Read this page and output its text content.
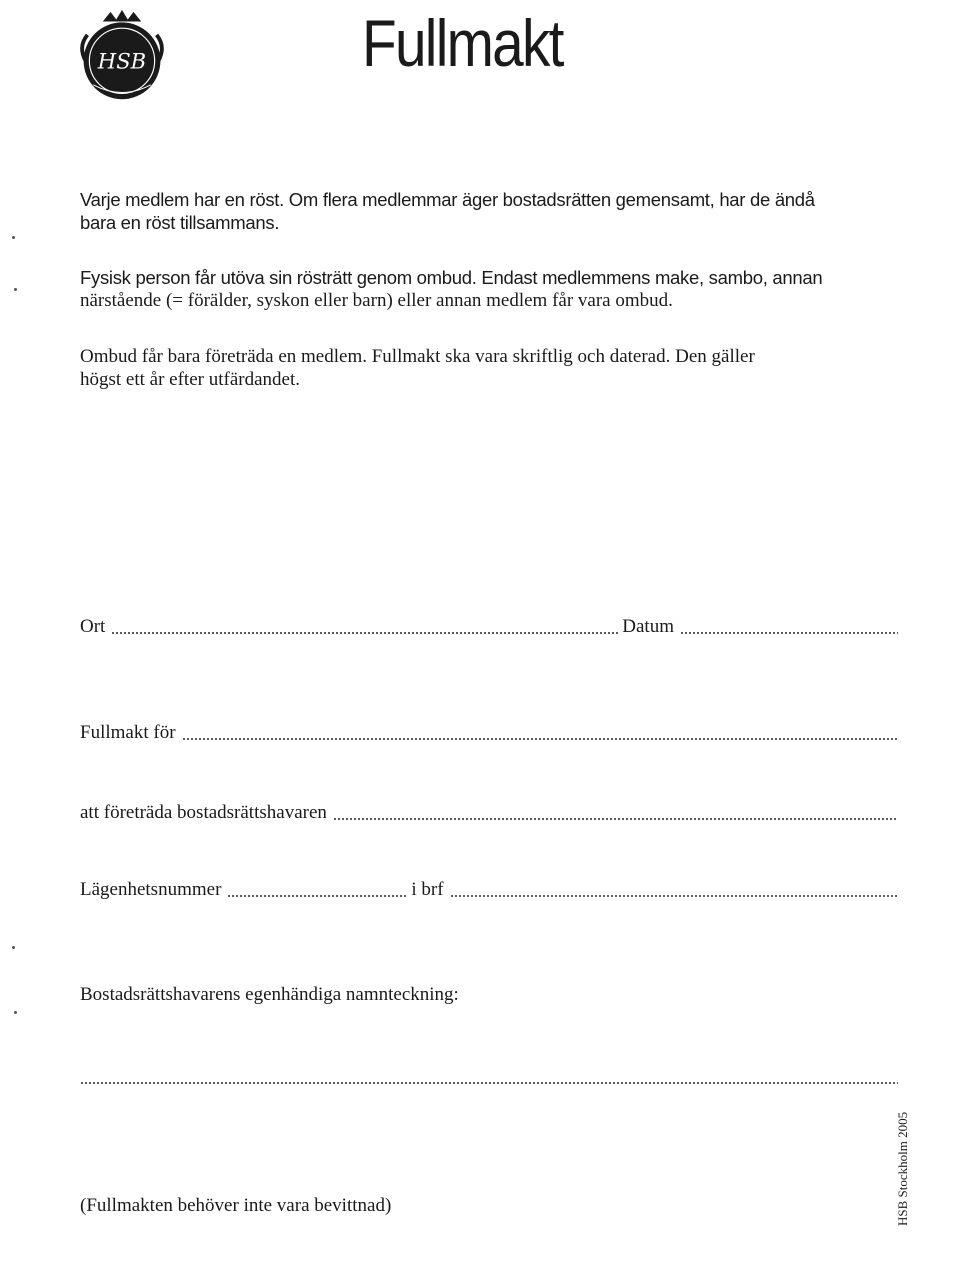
HSB	Fullmakt
Varje medlem har en röst. Om flera medlemmar äger bostadsrätten gemensamt, har de ändå
bara en röst tillsammans.
Fysisk person får utöva sin rösträtt genom ombud. Endast medlemmens make, sambo, annan
närstående (= förälder, syskon eller barn) eller annan medlem får vara ombud.
Ombud får bara företräda en medlem. Fullmakt ska vara skriftlig och daterad. Den gäller
högst ett år efter utfärdandet.
Ort	Datum
Fullmakt för
att företräda bostadsrättshavaren
Lägenhetsnummer	i brf
Bostadsrättshavarens egenhändiga namnteckning:
(Fullmakten behöver inte vara bevittnad)	HSB Stockholm 2005
